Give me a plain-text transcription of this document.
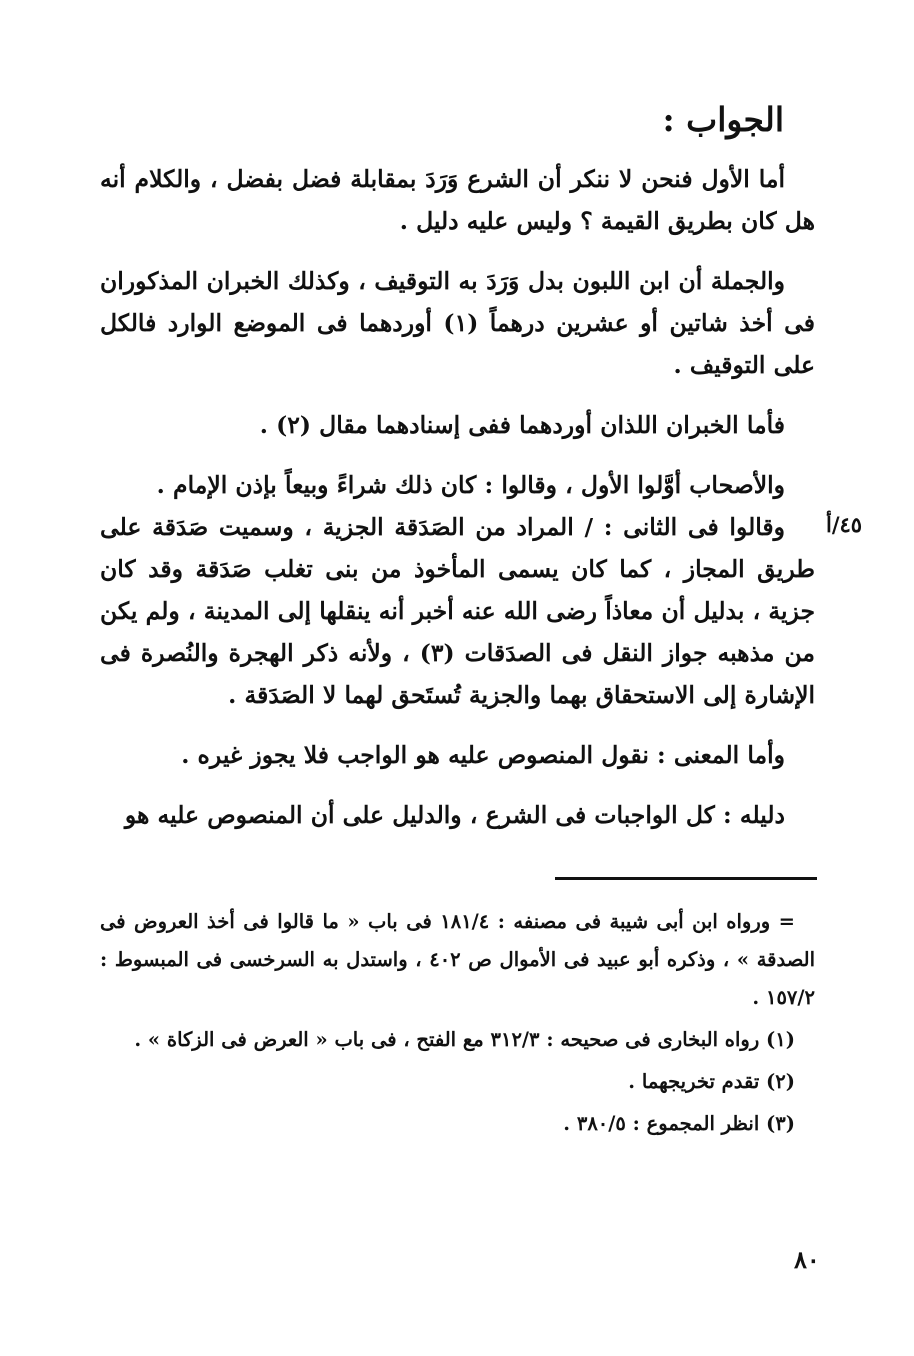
الجواب :

أما الأول فنحن لا ننكر أن الشرع وَرَدَ بمقابلة فضل بفضل ، والكلام أنه هل كان بطريق القيمة ؟ وليس عليه دليل .

والجملة أن ابن اللبون بدل وَرَدَ به التوقيف ، وكذلك الخبران المذكوران فى أخذ شاتين أو عشرين درهماً (١) أوردهما فى الموضع الوارد فالكل على التوقيف .

فأما الخبران اللذان أوردهما ففى إسنادهما مقال (٢) .

والأصحاب أوَّلوا الأول ، وقالوا : كان ذلك شراءً وبيعاً بإذن الإمام .

وقالوا فى الثانى : / المراد من الصَدَقة الجزية ، وسميت صَدَقة على طريق المجاز ، كما كان يسمى المأخوذ من بنى تغلب صَدَقة وقد كان جزية ، بدليل أن معاذاً رضى الله عنه أخبر أنه ينقلها إلى المدينة ، ولم يكن من مذهبه جواز النقل فى الصدَقات (٣) ، ولأنه ذكر الهجرة والنُصرة فى الإشارة إلى الاستحقاق بهما والجزية تُستَحق لهما لا الصَدَقة .

وأما المعنى : نقول المنصوص عليه هو الواجب فلا يجوز غيره .

دليله : كل الواجبات فى الشرع ، والدليل على أن المنصوص عليه هو

٤٥/أ

= ورواه ابن أبى شيبة فى مصنفه : ١٨١/٤ فى باب « ما قالوا فى أخذ العروض فى الصدقة » ، وذكره أبو عبيد فى الأموال ص ٤٠٢ ، واستدل به السرخسى فى المبسوط : ١٥٧/٢ .

(١) رواه البخارى فى صحيحه : ٣١٢/٣ مع الفتح ، فى باب « العرض فى الزكاة » .

(٢) تقدم تخريجهما .

(٣) انظر المجموع : ٣٨٠/٥ .

٨٠
